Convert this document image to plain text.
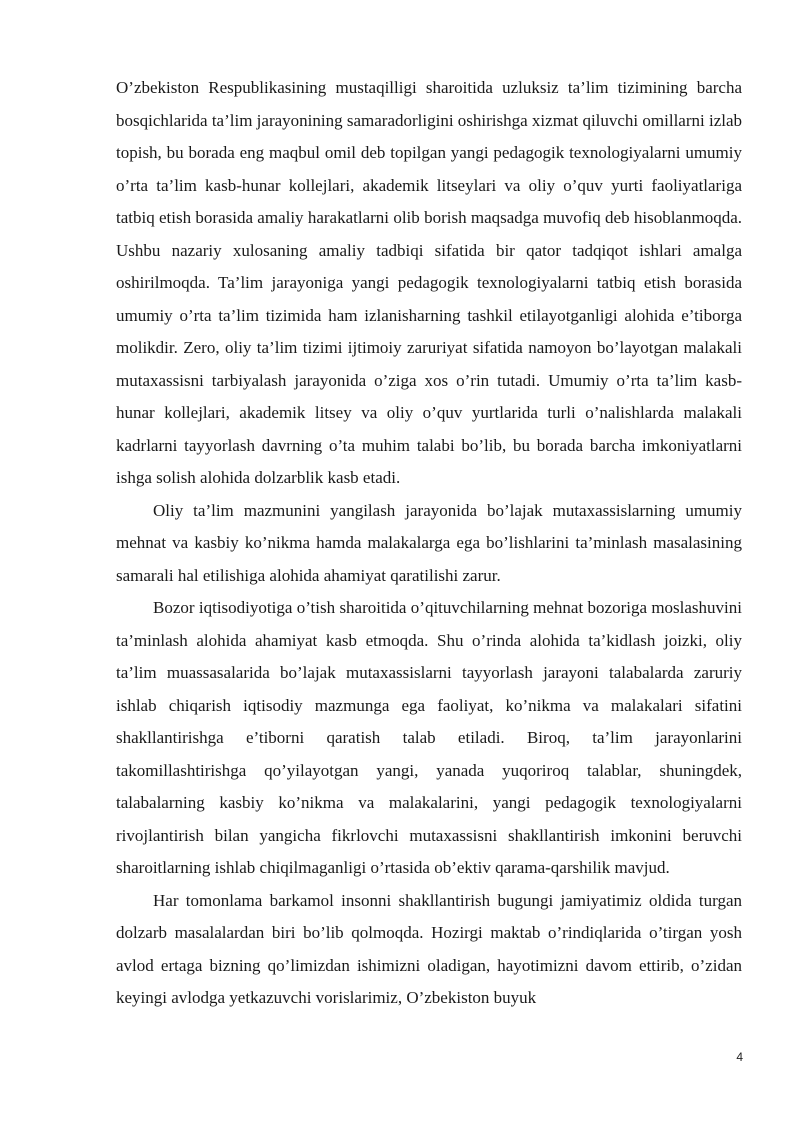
O’zbekiston Respublikasining mustaqilligi sharoitida uzluksiz ta’lim tizimining barcha bosqichlarida ta’lim jarayonining samaradorligini oshirishga xizmat qiluvchi omillarni izlab topish, bu borada eng maqbul omil deb topilgan yangi pedagogik texnologiyalarni umumiy o’rta ta’lim kasb-hunar kollejlari, akademik litseylari va oliy o’quv yurti faoliyatlariga tatbiq etish borasida amaliy harakatlarni olib borish maqsadga muvofiq deb hisoblanmoqda. Ushbu nazariy xulosaning amaliy tadbiqi sifatida bir qator tadqiqot ishlari amalga oshirilmoqda. Ta’lim jarayoniga yangi pedagogik texnologiyalarni tatbiq etish borasida umumiy o’rta ta’lim tizimida ham izlanisharning tashkil etilayotganligi alohida e’tiborga molikdir. Zero, oliy ta’lim tizimi ijtimoiy zaruriyat sifatida namoyon bo’layotgan malakali mutaxassisni tarbiyalash jarayonida o’ziga xos o’rin tutadi. Umumiy o’rta ta’lim kasb-hunar kollejlari, akademik litsey va oliy o’quv yurtlarida turli o’nalishlarda malakali kadrlarni tayyorlash davrning o’ta muhim talabi bo’lib, bu borada barcha imkoniyatlarni ishga solish alohida dolzarblik kasb etadi.

Oliy ta’lim mazmunini yangilash jarayonida bo’lajak mutaxassislarning umumiy mehnat va kasbiy ko’nikma hamda malakalarga ega bo’lishlarini ta’minlash masalasining samarali hal etilishiga alohida ahamiyat qaratilishi zarur.

Bozor iqtisodiyotiga o’tish sharoitida o’qituvchilarning mehnat bozoriga moslashuvini ta’minlash alohida ahamiyat kasb etmoqda. Shu o’rinda alohida ta’kidlash joizki, oliy ta’lim muassasalarida bo’lajak mutaxassislarni tayyorlash jarayoni talabalarda zaruriy ishlab chiqarish iqtisodiy mazmunga ega faoliyat, ko’nikma va malakalari sifatini shakllantirishga e’tiborni qaratish talab etiladi. Biroq, ta’lim jarayonlarini takomillashtirishga qo’yilayotgan yangi, yanada yuqoriroq talablar, shuningdek, talabalarning kasbiy ko’nikma va malakalarini, yangi pedagogik texnologiyalarni rivojlantirish bilan yangicha fikrlovchi mutaxassisni shakllantirish imkonini beruvchi sharoitlarning ishlab chiqilmaganligi o’rtasida ob’ektiv qarama-qarshilik mavjud.

Har tomonlama barkamol insonni shakllantirish bugungi jamiyatimiz oldida turgan dolzarb masalalardan biri bo’lib qolmoqda. Hozirgi maktab o’rindiqlarida o’tirgan yosh avlod ertaga bizning qo’limizdan ishimizni oladigan, hayotimizni davom ettirib, o’zidan keyingi avlodga yetkazuvchi vorislarimiz, O’zbekiston buyuk

4
